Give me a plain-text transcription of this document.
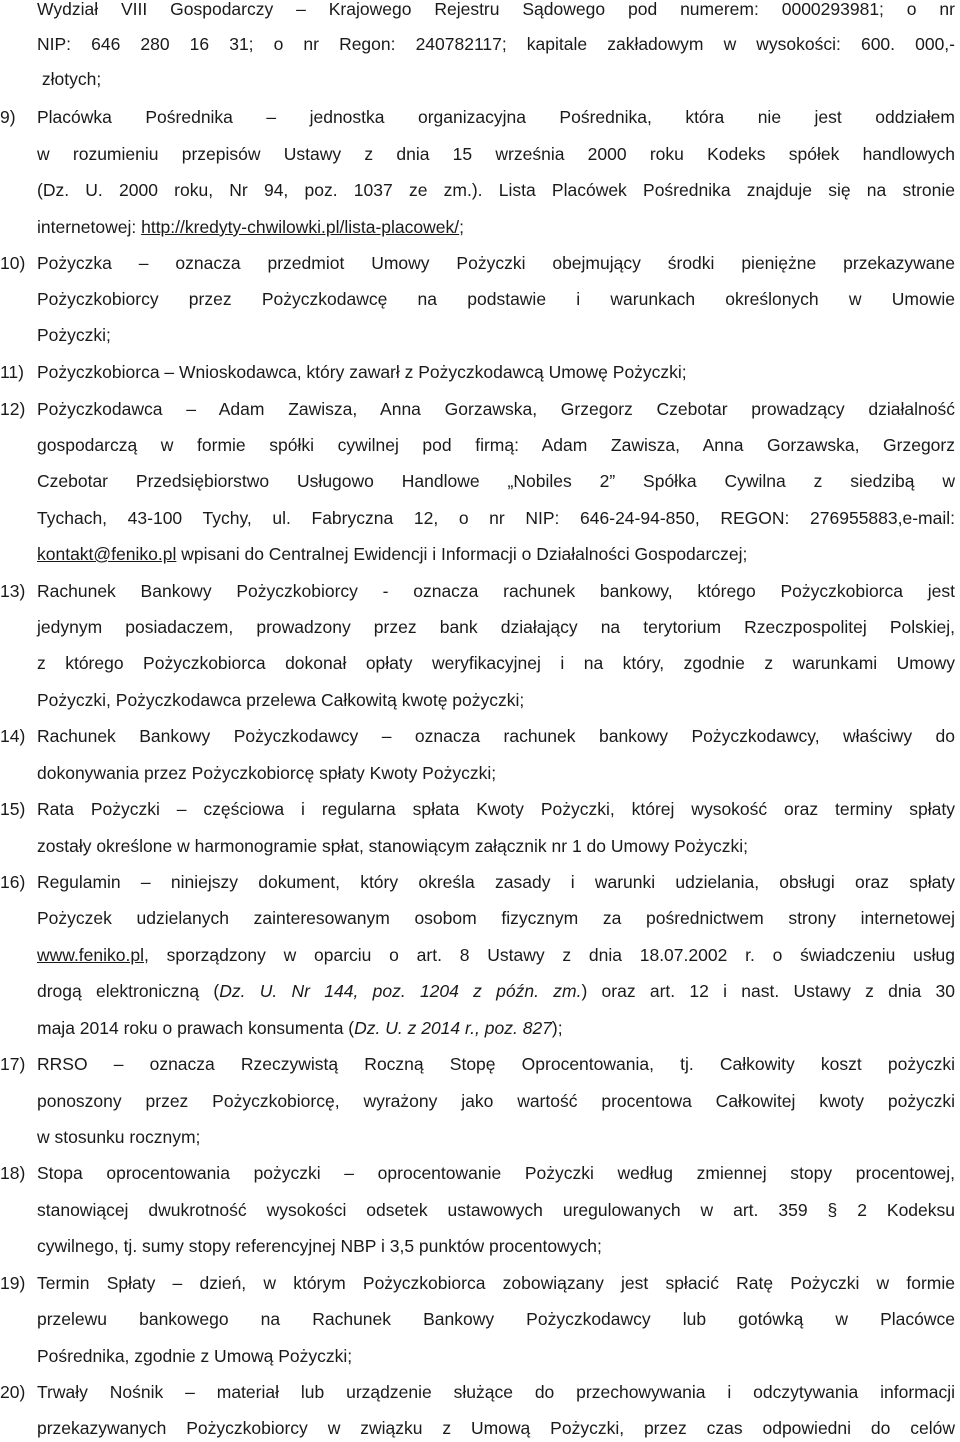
Wydział VIII Gospodarczy – Krajowego Rejestru Sądowego pod numerem: 0000293981; o nr
NIP: 646 280 16 31; o nr Regon: 240782117; kapitale zakładowym w wysokości: 600. 000,-
złotych;
9) Placówka Pośrednika – jednostka organizacyjna Pośrednika, która nie jest oddziałem
w rozumieniu przepisów Ustawy z dnia 15 września 2000 roku Kodeks spółek handlowych
(Dz. U. 2000 roku, Nr 94, poz. 1037 ze zm.). Lista Placówek Pośrednika znajduje się na stronie
internetowej: http://kredyty-chwilowki.pl/lista-placowek/;
10) Pożyczka – oznacza przedmiot Umowy Pożyczki obejmujący środki pieniężne przekazywane
Pożyczkobiorcy przez Pożyczkodawcę na podstawie i warunkach określonych w Umowie
Pożyczki;
11) Pożyczkobiorca – Wnioskodawca, który zawarł z Pożyczkodawcą Umowę Pożyczki;
12) Pożyczkodawca – Adam Zawisza, Anna Gorzawska, Grzegorz Czebotar prowadzący działalność
gospodarczą w formie spółki cywilnej pod firmą: Adam Zawisza, Anna Gorzawska, Grzegorz
Czebotar Przedsiębiorstwo Usługowo Handlowe „Nobiles 2” Spółka Cywilna z siedzibą w
Tychach, 43-100 Tychy, ul. Fabryczna 12, o nr NIP: 646-24-94-850, REGON: 276955883,e-mail:
kontakt@feniko.pl wpisani do Centralnej Ewidencji i Informacji o Działalności Gospodarczej;
13) Rachunek Bankowy Pożyczkobiorcy - oznacza rachunek bankowy, którego Pożyczkobiorca jest
jedynym posiadaczem, prowadzony przez bank działający na terytorium Rzeczpospolitej Polskiej,
z którego Pożyczkobiorca dokonał opłaty weryfikacyjnej i na który, zgodnie z warunkami Umowy
Pożyczki, Pożyczkodawca przelewa Całkowitą kwotę pożyczki;
14) Rachunek Bankowy Pożyczkodawcy – oznacza rachunek bankowy Pożyczkodawcy, właściwy do
dokonywania przez Pożyczkobiorcę spłaty Kwoty Pożyczki;
15) Rata Pożyczki – częściowa i regularna spłata Kwoty Pożyczki, której wysokość oraz terminy spłaty
zostały określone w harmonogramie spłat, stanowiącym załącznik nr 1 do Umowy Pożyczki;
16) Regulamin – niniejszy dokument, który określa zasady i warunki udzielania, obsługi oraz spłaty
Pożyczek udzielanych zainteresowanym osobom fizycznym za pośrednictwem strony internetowej
www.feniko.pl, sporządzony w oparciu o art. 8 Ustawy z dnia 18.07.2002 r. o świadczeniu usług
drogą elektroniczną (Dz. U. Nr 144, poz. 1204 z późn. zm.) oraz art. 12 i nast. Ustawy z dnia 30
maja 2014 roku o prawach konsumenta (Dz. U. z 2014 r., poz. 827);
17) RRSO – oznacza Rzeczywistą Roczną Stopę Oprocentowania, tj. Całkowity koszt pożyczki
ponoszony przez Pożyczkobiorcę, wyrażony jako wartość procentowa Całkowitej kwoty pożyczki
w stosunku rocznym;
18) Stopa oprocentowania pożyczki – oprocentowanie Pożyczki według zmiennej stopy procentowej,
stanowiącej dwukrotność wysokości odsetek ustawowych uregulowanych w art. 359 § 2 Kodeksu
cywilnego, tj. sumy stopy referencyjnej NBP i 3,5 punktów procentowych;
19) Termin Spłaty – dzień, w którym Pożyczkobiorca zobowiązany jest spłacić Ratę Pożyczki w formie
przelewu bankowego na Rachunek Bankowy Pożyczkodawcy lub gotówką w Placówce
Pośrednika, zgodnie z Umową Pożyczki;
20) Trwały Nośnik – materiał lub urządzenie służące do przechowywania i odczytywania informacji
przekazywanych Pożyczkobiorcy w związku z Umową Pożyczki, przez czas odpowiedni do celów
